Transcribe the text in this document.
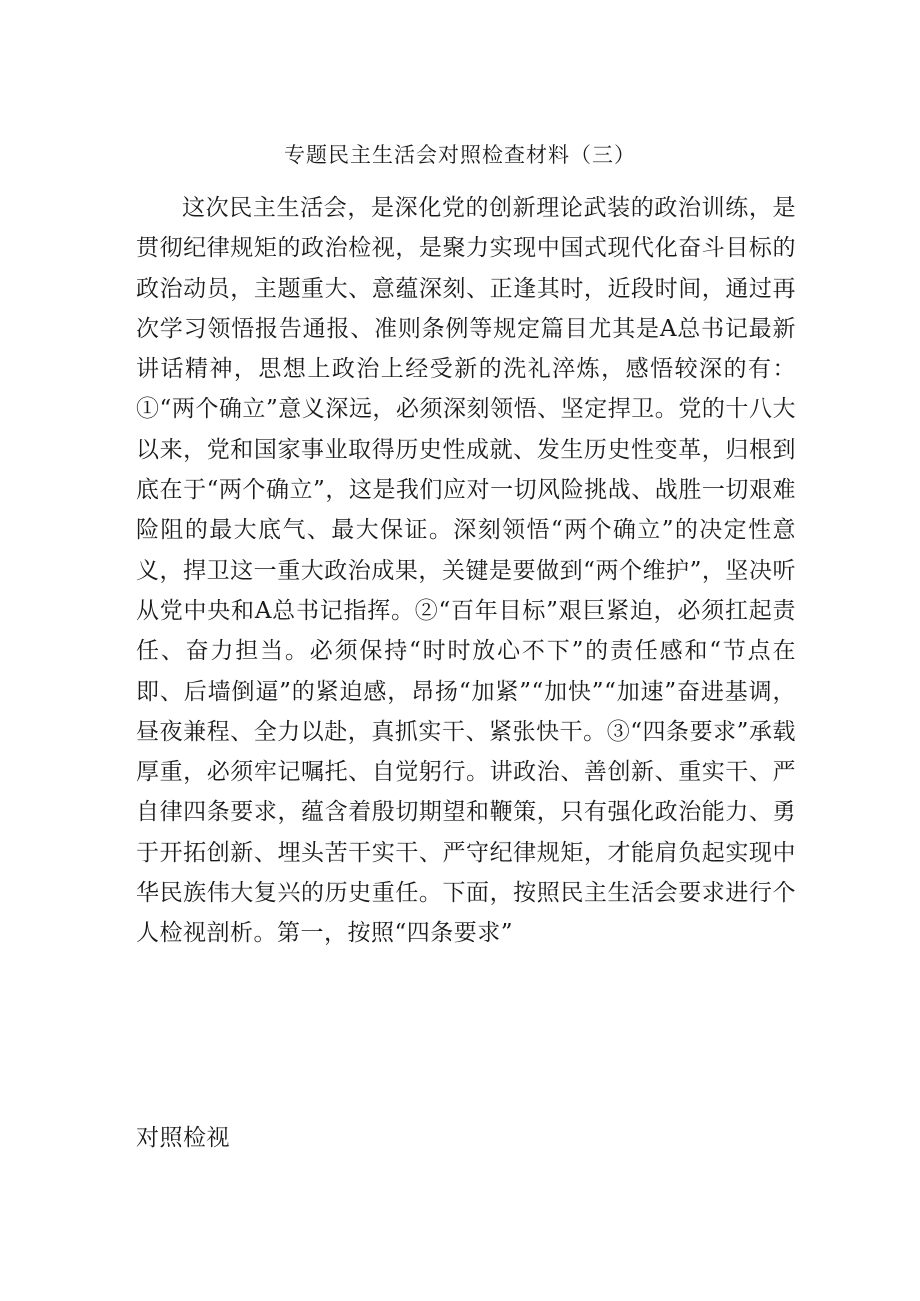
专题民主生活会对照检查材料（三）

这次民主生活会，是深化党的创新理论武装的政治训练，是贯彻纪律规矩的政治检视，是聚力实现中国式现代化奋斗目标的政治动员，主题重大、意蕴深刻、正逢其时，近段时间，通过再次学习领悟报告通报、准则条例等规定篇目尤其是A总书记最新讲话精神，思想上政治上经受新的洗礼淬炼，感悟较深的有：①“两个确立”意义深远，必须深刻领悟、坚定捍卫。党的十八大以来，党和国家事业取得历史性成就、发生历史性变革，归根到底在于“两个确立”，这是我们应对一切风险挑战、战胜一切艰难险阻的最大底气、最大保证。深刻领悟“两个确立”的决定性意义，捍卫这一重大政治成果，关键是要做到“两个维护”，坚决听从党中央和A总书记指挥。②“百年目标”艰巨紧迫，必须扛起责任、奋力担当。必须保持“时时放心不下”的责任感和“节点在即、后墙倒逼”的紧迫感，昂扬“加紧”“加快”“加速”奋进基调，昼夜兼程、全力以赴，真抓实干、紧张快干。③“四条要求”承载厚重，必须牢记嘱托、自觉躬行。讲政治、善创新、重实干、严自律四条要求，蕴含着殷切期望和鞭策，只有强化政治能力、勇于开拓创新、埋头苦干实干、严守纪律规矩，才能肩负起实现中华民族伟大复兴的历史重任。下面，按照民主生活会要求进行个人检视剖析。第一，按照“四条要求”

对照检视
